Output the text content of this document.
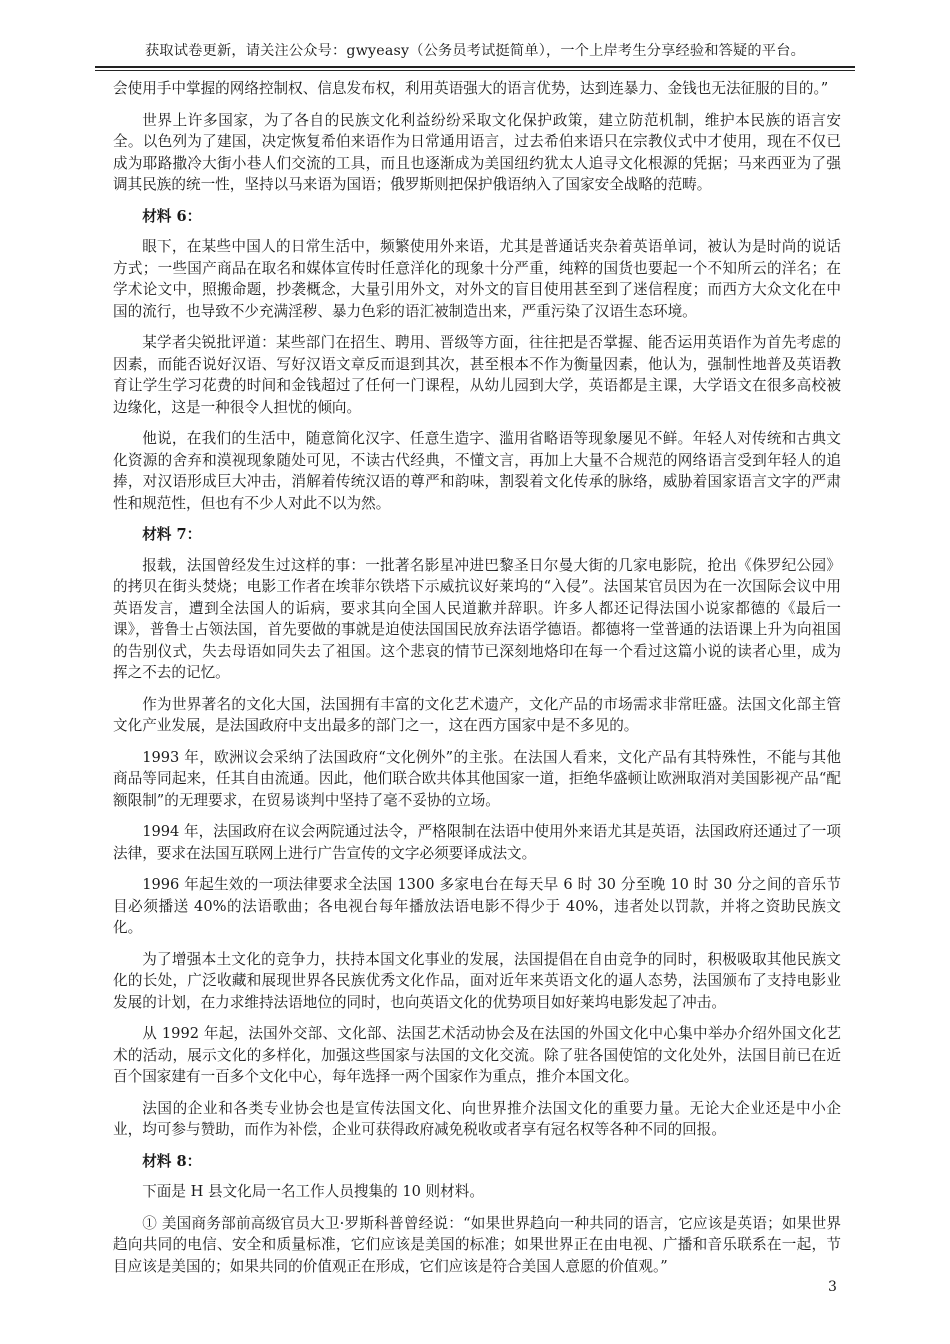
获取试卷更新，请关注公众号：gwyeasy（公务员考试挺简单），一个上岸考生分享经验和答疑的平台。

会使用手中掌握的网络控制权、信息发布权，利用英语强大的语言优势，达到连暴力、金钱也无法征服的目的。”

世界上许多国家，为了各自的民族文化利益纷纷采取文化保护政策，建立防范机制，维护本民族的语言安全。以色列为了建国，决定恢复希伯来语作为日常通用语言，过去希伯来语只在宗教仪式中才使用，现在不仅已成为耶路撒冷大街小巷人们交流的工具，而且也逐渐成为美国纽约犹太人追寻文化根源的凭据；马来西亚为了强调其民族的统一性，坚持以马来语为国语；俄罗斯则把保护俄语纳入了国家安全战略的范畴。

材料 6：

眼下，在某些中国人的日常生活中，频繁使用外来语，尤其是普通话夹杂着英语单词，被认为是时尚的说话方式；一些国产商品在取名和媒体宣传时任意洋化的现象十分严重，纯粹的国货也要起一个不知所云的洋名；在学术论文中，照搬命题，抄袭概念，大量引用外文，对外文的盲目使用甚至到了迷信程度；而西方大众文化在中国的流行，也导致不少充满淫秽、暴力色彩的语汇被制造出来，严重污染了汉语生态环境。

某学者尖锐批评道：某些部门在招生、聘用、晋级等方面，往往把是否掌握、能否运用英语作为首先考虑的因素，而能否说好汉语、写好汉语文章反而退到其次，甚至根本不作为衡量因素，他认为，强制性地普及英语教育让学生学习花费的时间和金钱超过了任何一门课程，从幼儿园到大学，英语都是主课，大学语文在很多高校被边缘化，这是一种很令人担忧的倾向。

他说，在我们的生活中，随意简化汉字、任意生造字、滥用省略语等现象屡见不鲜。年轻人对传统和古典文化资源的舍弃和漠视现象随处可见，不读古代经典，不懂文言，再加上大量不合规范的网络语言受到年轻人的追捧，对汉语形成巨大冲击，消解着传统汉语的尊严和韵味，割裂着文化传承的脉络，威胁着国家语言文字的严肃性和规范性，但也有不少人对此不以为然。

材料 7：

报载，法国曾经发生过这样的事：一批著名影星冲进巴黎圣日尔曼大街的几家电影院，抢出《侏罗纪公园》的拷贝在街头焚烧；电影工作者在埃菲尔铁塔下示威抗议好莱坞的“入侵”。法国某官员因为在一次国际会议中用英语发言，遭到全法国人的诟病，要求其向全国人民道歉并辞职。许多人都还记得法国小说家都德的《最后一课》，普鲁士占领法国，首先要做的事就是迫使法国国民放弃法语学德语。都德将一堂普通的法语课上升为向祖国的告别仪式，失去母语如同失去了祖国。这个悲哀的情节已深刻地烙印在每一个看过这篇小说的读者心里，成为挥之不去的记忆。

作为世界著名的文化大国，法国拥有丰富的文化艺术遗产，文化产品的市场需求非常旺盛。法国文化部主管文化产业发展，是法国政府中支出最多的部门之一，这在西方国家中是不多见的。

1993 年，欧洲议会采纳了法国政府“文化例外”的主张。在法国人看来，文化产品有其特殊性，不能与其他商品等同起来，任其自由流通。因此，他们联合欧共体其他国家一道，拒绝华盛顿让欧洲取消对美国影视产品“配额限制”的无理要求，在贸易谈判中坚持了毫不妥协的立场。

1994 年，法国政府在议会两院通过法令，严格限制在法语中使用外来语尤其是英语，法国政府还通过了一项法律，要求在法国互联网上进行广告宣传的文字必须要译成法文。

1996 年起生效的一项法律要求全法国 1300 多家电台在每天早 6 时 30 分至晚 10 时 30 分之间的音乐节目必须播送 40%的法语歌曲；各电视台每年播放法语电影不得少于 40%，违者处以罚款，并将之资助民族文化。

为了增强本土文化的竞争力，扶持本国文化事业的发展，法国提倡在自由竞争的同时，积极吸取其他民族文化的长处，广泛收藏和展现世界各民族优秀文化作品，面对近年来英语文化的逼人态势，法国颁布了支持电影业发展的计划，在力求维持法语地位的同时，也向英语文化的优势项目如好莱坞电影发起了冲击。

从 1992 年起，法国外交部、文化部、法国艺术活动协会及在法国的外国文化中心集中举办介绍外国文化艺术的活动，展示文化的多样化，加强这些国家与法国的文化交流。除了驻各国使馆的文化处外，法国目前已在近百个国家建有一百多个文化中心，每年选择一两个国家作为重点，推介本国文化。

法国的企业和各类专业协会也是宣传法国文化、向世界推介法国文化的重要力量。无论大企业还是中小企业，均可参与赞助，而作为补偿，企业可获得政府减免税收或者享有冠名权等各种不同的回报。

材料 8：

下面是 H 县文化局一名工作人员搜集的 10 则材料。

① 美国商务部前高级官员大卫·罗斯科普曾经说：“如果世界趋向一种共同的语言，它应该是英语；如果世界趋向共同的电信、安全和质量标准，它们应该是美国的标准；如果世界正在由电视、广播和音乐联系在一起，节目应该是美国的；如果共同的价值观正在形成，它们应该是符合美国人意愿的价值观。”

3
